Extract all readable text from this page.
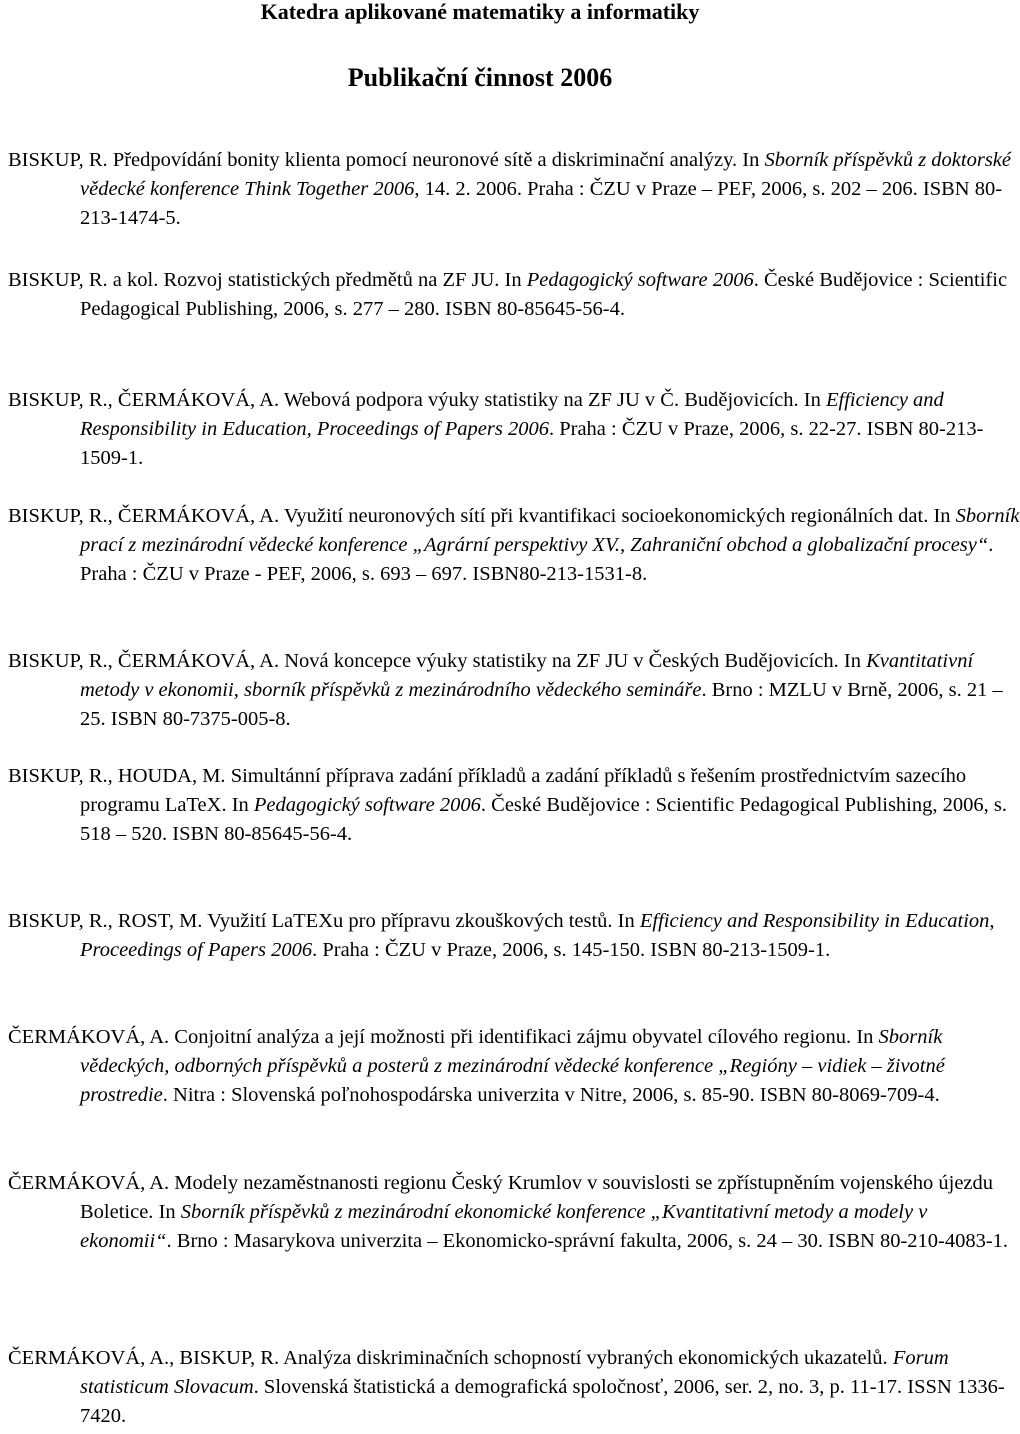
Katedra aplikované matematiky a informatiky
Publikační činnost 2006

BISKUP, R. Předpovídání bonity klienta pomocí neuronové sítě a diskriminační analýzy. In Sborník příspěvků z doktorské vědecké konference Think Together 2006, 14. 2. 2006. Praha : ČZU v Praze – PEF, 2006, s. 202 – 206. ISBN 80-213-1474-5.

BISKUP, R. a kol. Rozvoj statistických předmětů na ZF JU. In Pedagogický software 2006. České Budějovice : Scientific Pedagogical Publishing, 2006, s. 277 – 280. ISBN 80-85645-56-4.

BISKUP, R., ČERMÁKOVÁ, A. Webová podpora výuky statistiky na ZF JU v Č. Budějovicích. In Efficiency and Responsibility in Education, Proceedings of Papers 2006. Praha : ČZU v Praze, 2006, s. 22-27. ISBN 80-213-1509-1.

BISKUP, R., ČERMÁKOVÁ, A. Využití neuronových sítí při kvantifikaci socioekonomických regionálních dat. In Sborník prací z mezinárodní vědecké konference „Agrární perspektivy XV., Zahraniční obchod a globalizační procesy“. Praha : ČZU v Praze - PEF, 2006, s. 693 – 697. ISBN80-213-1531-8.

BISKUP, R., ČERMÁKOVÁ, A. Nová koncepce výuky statistiky na ZF JU v Českých Budějovicích. In Kvantitativní metody v ekonomii, sborník příspěvků z mezinárodního vědeckého semináře. Brno : MZLU v Brně, 2006, s. 21 – 25. ISBN 80-7375-005-8.

BISKUP, R., HOUDA, M. Simultánní příprava zadání příkladů a zadání příkladů s řešením prostřednictvím sazecího programu LaTeX. In Pedagogický software 2006. České Budějovice : Scientific Pedagogical Publishing, 2006, s. 518 – 520. ISBN 80-85645-56-4.

BISKUP, R., ROST, M. Využití LaTEXu pro přípravu zkouškových testů. In Efficiency and Responsibility in Education, Proceedings of Papers 2006. Praha : ČZU v Praze, 2006, s. 145-150. ISBN 80-213-1509-1.

ČERMÁKOVÁ, A. Conjoitní analýza a její možnosti při identifikaci zájmu obyvatel cílového regionu. In Sborník vědeckých, odborných příspěvků a posterů z mezinárodní vědecké konference „Regióny – vidiek – životné prostredie. Nitra : Slovenská poľnohospodárska univerzita v Nitre, 2006, s. 85-90. ISBN 80-8069-709-4.

ČERMÁKOVÁ, A. Modely nezaměstnanosti regionu Český Krumlov v souvislosti se zpřístupněním vojenského újezdu Boletice. In Sborník příspěvků z mezinárodní ekonomické konference „Kvantitativní metody a modely v ekonomii“. Brno : Masarykova univerzita – Ekonomicko-správní fakulta, 2006, s. 24 – 30. ISBN 80-210-4083-1.

ČERMÁKOVÁ, A., BISKUP, R. Analýza diskriminačních schopností vybraných ekonomických ukazatelů. Forum statisticum Slovacum. Slovenská štatistická a demografická spoločnosť, 2006, ser. 2, no. 3, p. 11-17. ISSN 1336-7420.
